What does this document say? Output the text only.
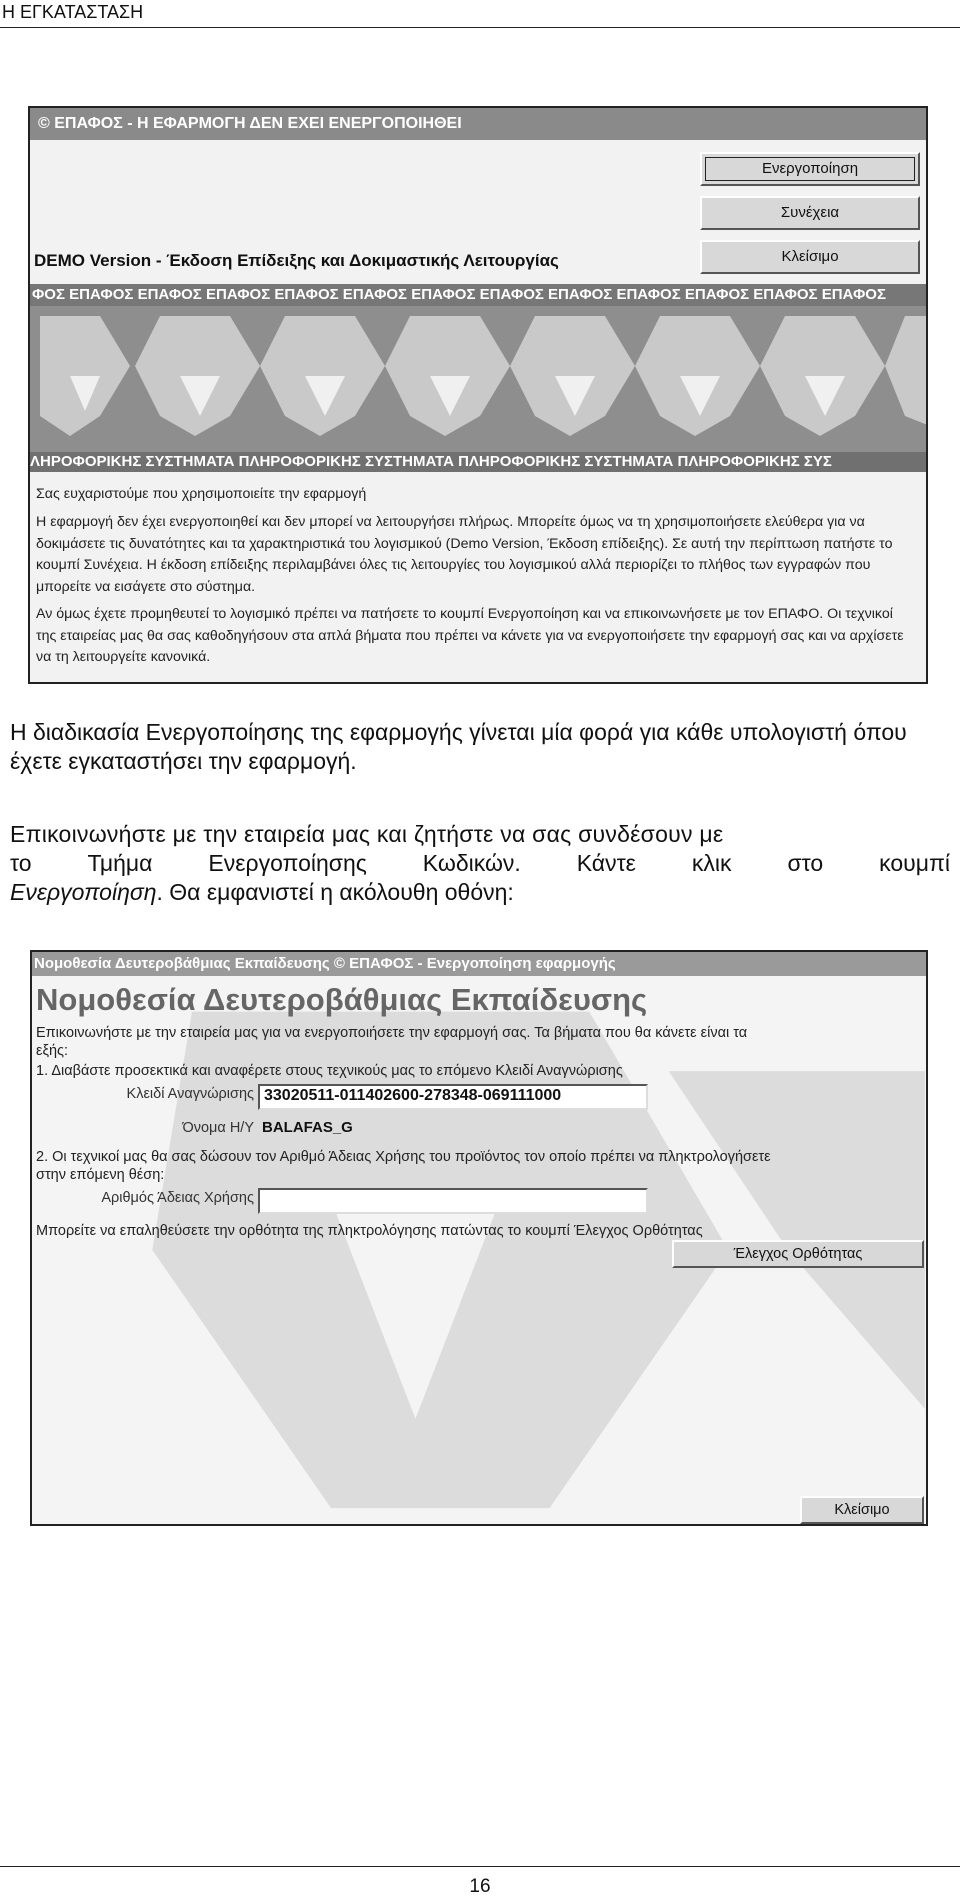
Η ΕΓΚΑΤΑΣΤΑΣΗ
© ΕΠΑΦΟΣ - Η ΕΦΑΡΜΟΓΗ ΔΕΝ ΕΧΕΙ ΕΝΕΡΓΟΠΟΙΗΘΕΙ
Ενεργοποίηση
Συνέχεια
Κλείσιμο
DEMO Version - Έκδοση Επίδειξης και Δοκιμαστικής Λειτουργίας
ΦΟΣ ΕΠΑΦΟΣ ΕΠΑΦΟΣ ΕΠΑΦΟΣ ΕΠΑΦΟΣ ΕΠΑΦΟΣ ΕΠΑΦΟΣ ΕΠΑΦΟΣ ΕΠΑΦΟΣ ΕΠΑΦΟΣ ΕΠΑΦΟΣ ΕΠΑΦΟΣ ΕΠΑΦΟΣ
ΛΗΡΟΦΟΡΙΚΗΣ ΣΥΣΤΗΜΑΤΑ ΠΛΗΡΟΦΟΡΙΚΗΣ ΣΥΣΤΗΜΑΤΑ ΠΛΗΡΟΦΟΡΙΚΗΣ ΣΥΣΤΗΜΑΤΑ ΠΛΗΡΟΦΟΡΙΚΗΣ ΣΥΣ
Σας ευχαριστούμε που χρησιμοποιείτε την εφαρμογή
Η εφαρμογή δεν έχει ενεργοποιηθεί και δεν μπορεί να λειτουργήσει πλήρως. Μπορείτε όμως να τη χρησιμοποιήσετε ελεύθερα για να δοκιμάσετε τις δυνατότητες και τα χαρακτηριστικά του λογισμικού (Demo Version, Έκδοση επίδειξης). Σε αυτή την περίπτωση πατήστε το κουμπί Συνέχεια. Η έκδοση επίδειξης περιλαμβάνει όλες τις λειτουργίες του λογισμικού αλλά περιορίζει το πλήθος των εγγραφών που μπορείτε να εισάγετε στο σύστημα.
Αν όμως έχετε προμηθευτεί το λογισμικό πρέπει να πατήσετε το κουμπί Ενεργοποίηση και να επικοινωνήσετε με τον ΕΠΑΦΟ. Οι τεχνικοί της εταιρείας μας θα σας καθοδηγήσουν στα απλά βήματα που πρέπει να κάνετε για να ενεργοποιήσετε την εφαρμογή σας και να αρχίσετε να τη λειτουργείτε κανονικά.
Η διαδικασία Ενεργοποίησης της εφαρμογής γίνεται μία φορά για κάθε υπολογιστή όπου έχετε εγκαταστήσει την εφαρμογή.
Επικοινωνήστε με την εταιρεία μας και ζητήστε να σας συνδέσουν με
το Τμήμα Ενεργοποίησης Κωδικών. Κάντε κλικ στο κουμπί
Ενεργοποίηση. Θα εμφανιστεί η ακόλουθη οθόνη:
Νομοθεσία Δευτεροβάθμιας Εκπαίδευσης © ΕΠΑΦΟΣ - Ενεργοποίηση εφαρμογής
Νομοθεσία Δευτεροβάθμιας Εκπαίδευσης
Επικοινωνήστε με την εταιρεία μας για να ενεργοποιήσετε την εφαρμογή σας. Τα βήματα που θα κάνετε είναι τα
εξής:
1. Διαβάστε προσεκτικά και αναφέρετε στους τεχνικούς μας το επόμενο Κλειδί Αναγνώρισης
Κλειδί Αναγνώρισης 33020511-011402600-278348-069111000
Όνομα Η/Υ BALAFAS_G
2. Οι τεχνικοί μας θα σας δώσουν τον Αριθμό Άδειας Χρήσης του προϊόντος τον οποίο πρέπει να πληκτρολογήσετε
στην επόμενη θέση:
Αριθμός Άδειας Χρήσης
Μπορείτε να επαληθεύσετε την ορθότητα της πληκτρολόγησης πατώντας το κουμπί Έλεγχος Ορθότητας
Έλεγχος Ορθότητας
Κλείσιμο
16
